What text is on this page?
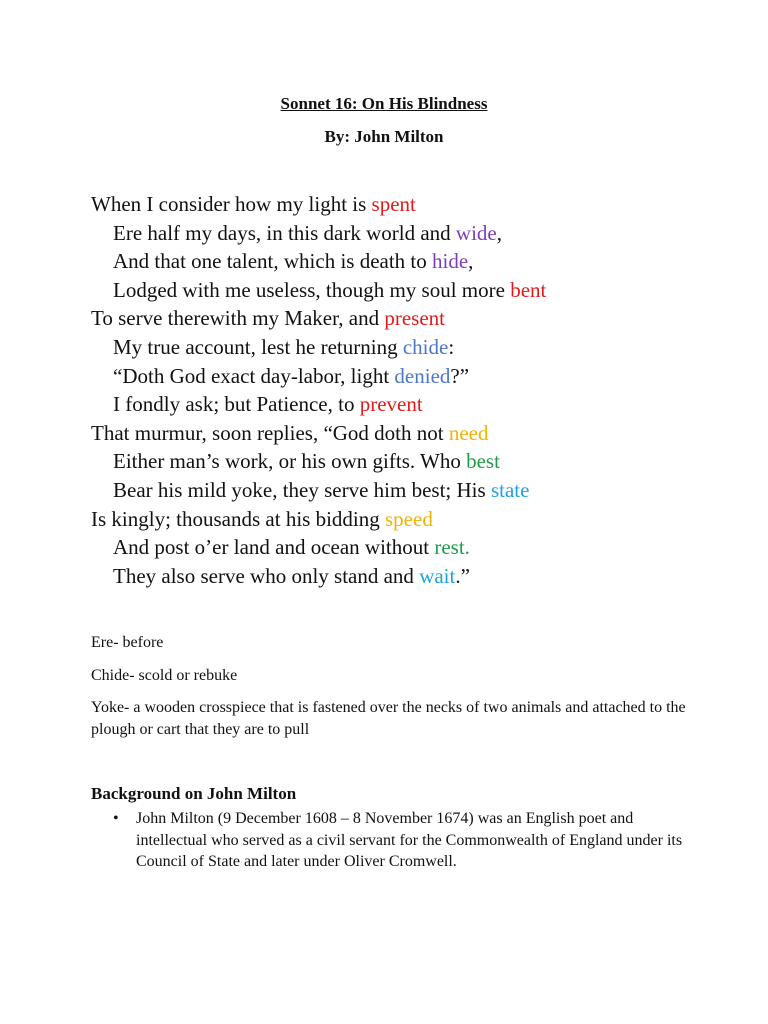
Sonnet 16: On His Blindness
By: John Milton
When I consider how my light is spent
Ere half my days, in this dark world and wide,
And that one talent, which is death to hide,
Lodged with me useless, though my soul more bent
To serve therewith my Maker, and present
My true account, lest he returning chide:
“Doth God exact day-labor, light denied?”
I fondly ask; but Patience, to prevent
That murmur, soon replies, “God doth not need
Either man’s work, or his own gifts. Who best
Bear his mild yoke, they serve him best; His state
Is kingly; thousands at his bidding speed
And post o’er land and ocean without rest.
They also serve who only stand and wait.”
Ere- before
Chide- scold or rebuke
Yoke- a wooden crosspiece that is fastened over the necks of two animals and attached to the plough or cart that they are to pull
Background on John Milton
• John Milton (9 December 1608 – 8 November 1674) was an English poet and intellectual who served as a civil servant for the Commonwealth of England under its Council of State and later under Oliver Cromwell.
